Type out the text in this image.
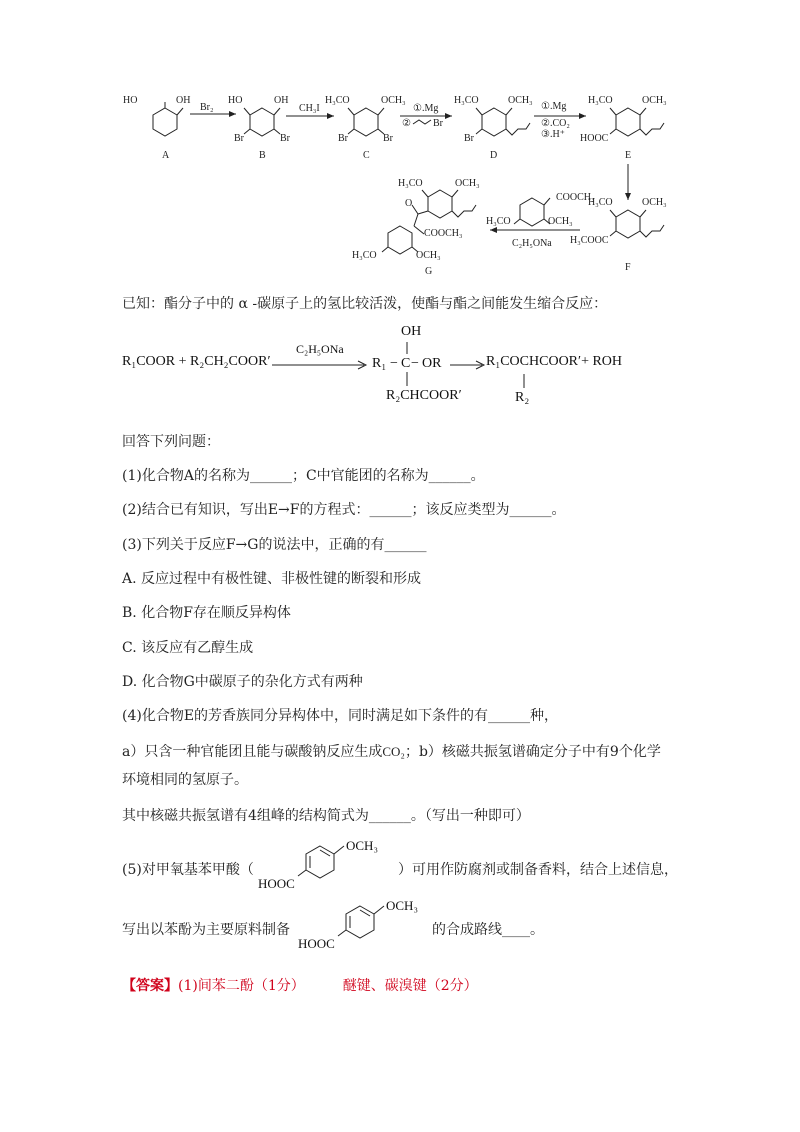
HO	OH
A
Br₂
HO	OH
Br	Br
B
CH₃I
H₃CO	OCH₃
Br	Br
C
①.Mg
② Br
H₃CO	OCH₃
Br
D
①.Mg
②.CO₂
③.H⁺
H₃CO	OCH₃
HOOC
E
H₃CO	OCH₃
H₃COOC
F
COOCH₃
OCH₃
H₃CO
C₂H₅ONa
H₃CO	OCH₃
O
COOCH₃
OCH₃
H₃CO
G
已知：酯分子中的 α -碳原子上的氢比较活泼，使酯与酯之间能发生缩合反应：
R₁COOR + R₂CH₂COOR′
C₂H₅ONa
OH
R₁ − C − OR
R₂CHCOOR′
R₁COCHCOOR′+ ROH
R₂
回答下列问题：
(1)化合物A的名称为______；C中官能团的名称为______。
(2)结合已有知识，写出E→F的方程式：______；该反应类型为______。
(3)下列关于反应F→G的说法中，正确的有______
A. 反应过程中有极性键、非极性键的断裂和形成
B. 化合物F存在顺反异构体
C. 该反应有乙醇生成
D. 化合物G中碳原子的杂化方式有两种
(4)化合物E的芳香族同分异构体中，同时满足如下条件的有______种，
a）只含一种官能团且能与碳酸钠反应生成CO₂；b）核磁共振氢谱确定分子中有9个化学
环境相同的氢原子。
其中核磁共振氢谱有4组峰的结构简式为______。（写出一种即可）
(5)对甲氧基苯甲酸（
OCH₃
HOOC
）可用作防腐剂或制备香料，结合上述信息，
写出以苯酚为主要原料制备
OCH₃
HOOC
的合成路线____。
【答案】(1)间苯二酚（1分）	醚键、碳溴键（2分）
